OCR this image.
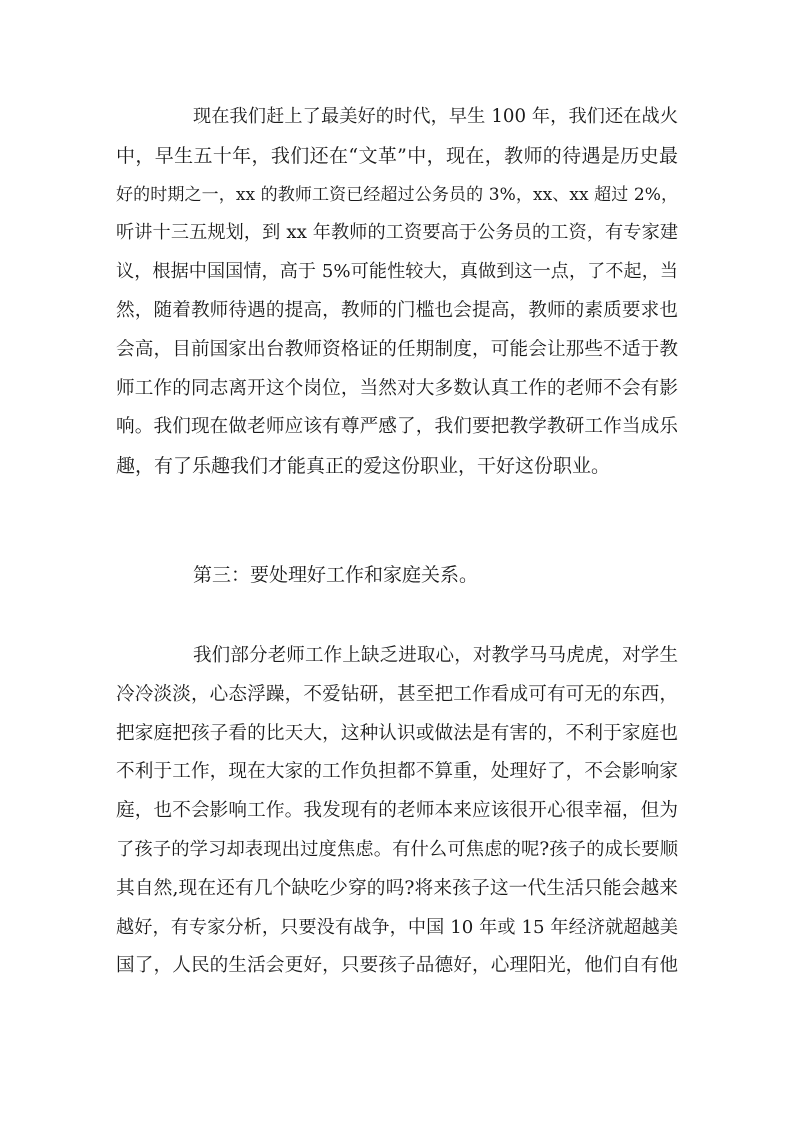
现在我们赶上了最美好的时代，早生 100 年，我们还在战火
中，早生五十年，我们还在“文革”中，现在，教师的待遇是历史最
好的时期之一，xx 的教师工资已经超过公务员的 3%，xx、xx 超过 2%，
听讲十三五规划，到 xx 年教师的工资要高于公务员的工资，有专家建
议，根据中国国情，高于 5%可能性较大，真做到这一点，了不起，当
然，随着教师待遇的提高，教师的门槛也会提高，教师的素质要求也
会高，目前国家出台教师资格证的任期制度，可能会让那些不适于教
师工作的同志离开这个岗位，当然对大多数认真工作的老师不会有影
响。我们现在做老师应该有尊严感了，我们要把教学教研工作当成乐
趣，有了乐趣我们才能真正的爱这份职业，干好这份职业。
第三：要处理好工作和家庭关系。
我们部分老师工作上缺乏进取心，对教学马马虎虎，对学生
冷冷淡淡，心态浮躁，不爱钻研，甚至把工作看成可有可无的东西，
把家庭把孩子看的比天大，这种认识或做法是有害的，不利于家庭也
不利于工作，现在大家的工作负担都不算重，处理好了，不会影响家
庭，也不会影响工作。我发现有的老师本来应该很开心很幸福，但为
了孩子的学习却表现出过度焦虑。有什么可焦虑的呢?孩子的成长要顺
其自然,现在还有几个缺吃少穿的吗?将来孩子这一代生活只能会越来
越好，有专家分析，只要没有战争，中国 10 年或 15 年经济就超越美
国了，人民的生活会更好，只要孩子品德好，心理阳光，他们自有他
